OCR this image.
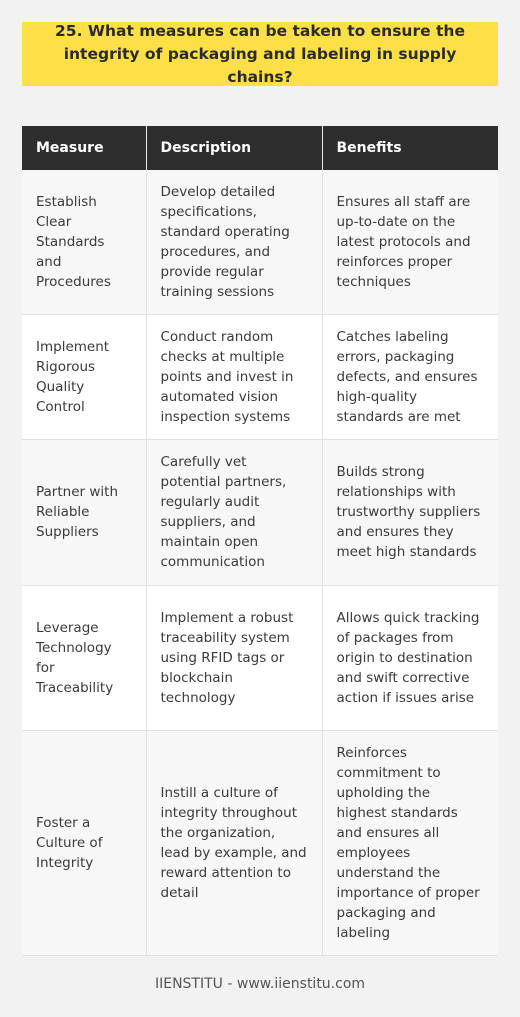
25. What measures can be taken to ensure the integrity of packaging and labeling in supply chains?
Measure	Description	Benefits
Establish Clear Standards and Procedures	Develop detailed specifications, standard operating procedures, and provide regular training sessions	Ensures all staff are up-to-date on the latest protocols and reinforces proper techniques
Implement Rigorous Quality Control	Conduct random checks at multiple points and invest in automated vision inspection systems	Catches labeling errors, packaging defects, and ensures high-quality standards are met
Partner with Reliable Suppliers	Carefully vet potential partners, regularly audit suppliers, and maintain open communication	Builds strong relationships with trustworthy suppliers and ensures they meet high standards
Leverage Technology for Traceability	Implement a robust traceability system using RFID tags or blockchain technology	Allows quick tracking of packages from origin to destination and swift corrective action if issues arise
Foster a Culture of Integrity	Instill a culture of integrity throughout the organization, lead by example, and reward attention to detail	Reinforces commitment to upholding the highest standards and ensures all employees understand the importance of proper packaging and labeling
IIENSTITU - www.iienstitu.com
